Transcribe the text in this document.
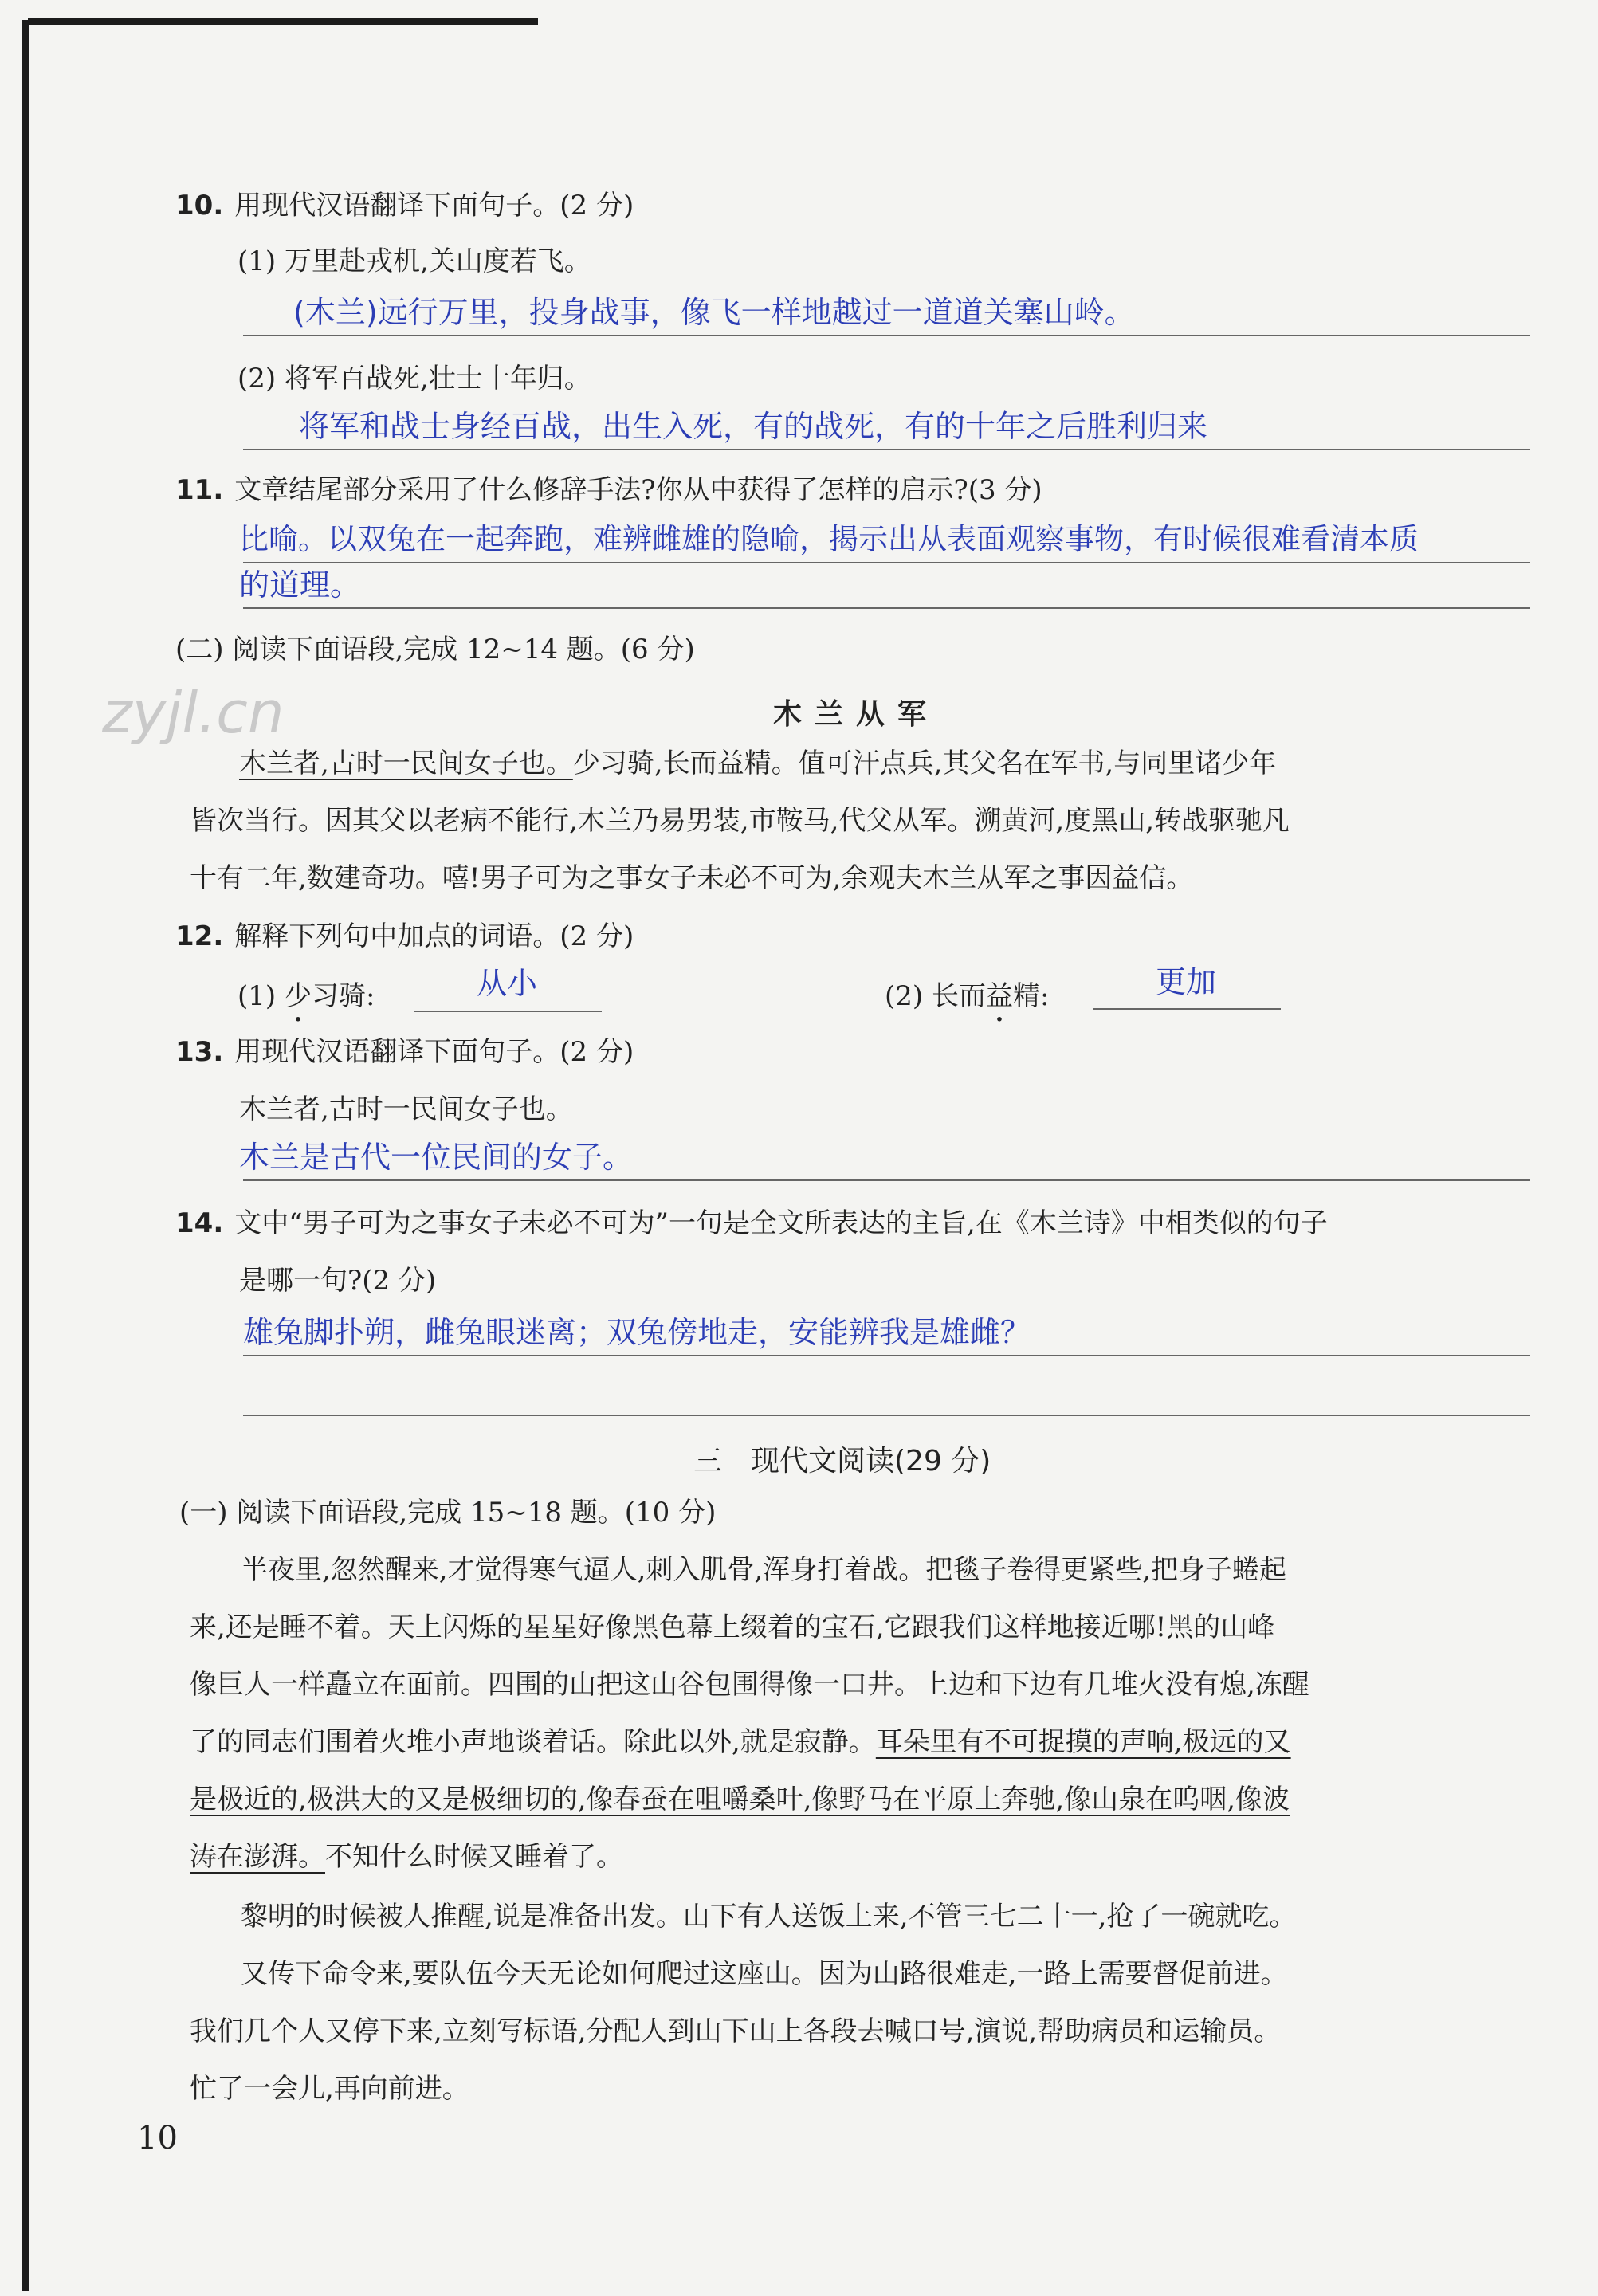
10. 用现代汉语翻译下面句子。(2 分)
(1) 万里赴戎机,关山度若飞。
(木兰)远行万里，投身战事，像飞一样地越过一道道关塞山岭。
(2) 将军百战死,壮士十年归。
将军和战士身经百战，出生入死，有的战死，有的十年之后胜利归来
11. 文章结尾部分采用了什么修辞手法?你从中获得了怎样的启示?(3 分)
比喻。以双兔在一起奔跑，难辨雌雄的隐喻，揭示出从表面观察事物，有时候很难看清本质
的道理。
(二) 阅读下面语段,完成 12~14 题。(6 分)
zyjl.cn	木兰从军
木兰者,古时一民间女子也。少习骑,长而益精。值可汗点兵,其父名在军书,与同里诸少年
皆次当行。因其父以老病不能行,木兰乃易男装,市鞍马,代父从军。溯黄河,度黑山,转战驱驰凡
十有二年,数建奇功。嘻!男子可为之事女子未必不可为,余观夫木兰从军之事因益信。
12. 解释下列句中加点的词语。(2 分)
(1) 少习骑:	从小	(2) 长而益精:	更加
13. 用现代汉语翻译下面句子。(2 分)
木兰者,古时一民间女子也。
木兰是古代一位民间的女子。
14. 文中“男子可为之事女子未必不可为”一句是全文所表达的主旨,在《木兰诗》中相类似的句子
是哪一句?(2 分)
雄兔脚扑朔，雌兔眼迷离；双兔傍地走，安能辨我是雄雌？
三　现代文阅读(29 分)
(一) 阅读下面语段,完成 15~18 题。(10 分)
半夜里,忽然醒来,才觉得寒气逼人,刺入肌骨,浑身打着战。把毯子卷得更紧些,把身子蜷起
来,还是睡不着。天上闪烁的星星好像黑色幕上缀着的宝石,它跟我们这样地接近哪!黑的山峰
像巨人一样矗立在面前。四围的山把这山谷包围得像一口井。上边和下边有几堆火没有熄,冻醒
了的同志们围着火堆小声地谈着话。除此以外,就是寂静。耳朵里有不可捉摸的声响,极远的又
是极近的,极洪大的又是极细切的,像春蚕在咀嚼桑叶,像野马在平原上奔驰,像山泉在呜咽,像波
涛在澎湃。不知什么时候又睡着了。
黎明的时候被人推醒,说是准备出发。山下有人送饭上来,不管三七二十一,抢了一碗就吃。
又传下命令来,要队伍今天无论如何爬过这座山。因为山路很难走,一路上需要督促前进。
我们几个人又停下来,立刻写标语,分配人到山下山上各段去喊口号,演说,帮助病员和运输员。
忙了一会儿,再向前进。
10
